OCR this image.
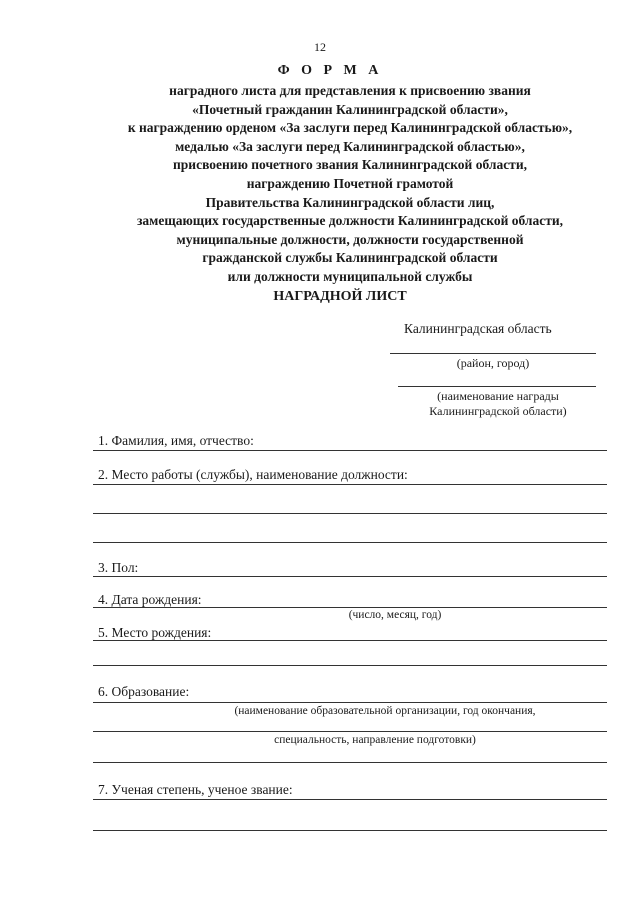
12
Ф О Р М А
наградного листа для представления к присвоению звания
«Почетный гражданин Калининградской области»,
к награждению орденом «За заслуги перед Калининградской областью»,
медалью «За заслуги перед Калининградской областью»,
присвоению почетного звания Калининградской области,
награждению Почетной грамотой
Правительства Калининградской области лиц,
замещающих государственные должности Калининградской области,
муниципальные должности, должности государственной
гражданской службы Калининградской области
или должности муниципальной службы
НАГРАДНОЙ ЛИСТ
Калининградская область
(район, город)
(наименование награды
Калининградской области)
1. Фамилия, имя, отчество:
2. Место работы (службы), наименование должности:
3. Пол:
4. Дата рождения:
(число, месяц, год)
5. Место рождения:
6. Образование:
(наименование образовательной организации, год окончания,
специальность, направление подготовки)
7. Ученая степень, ученое звание:
